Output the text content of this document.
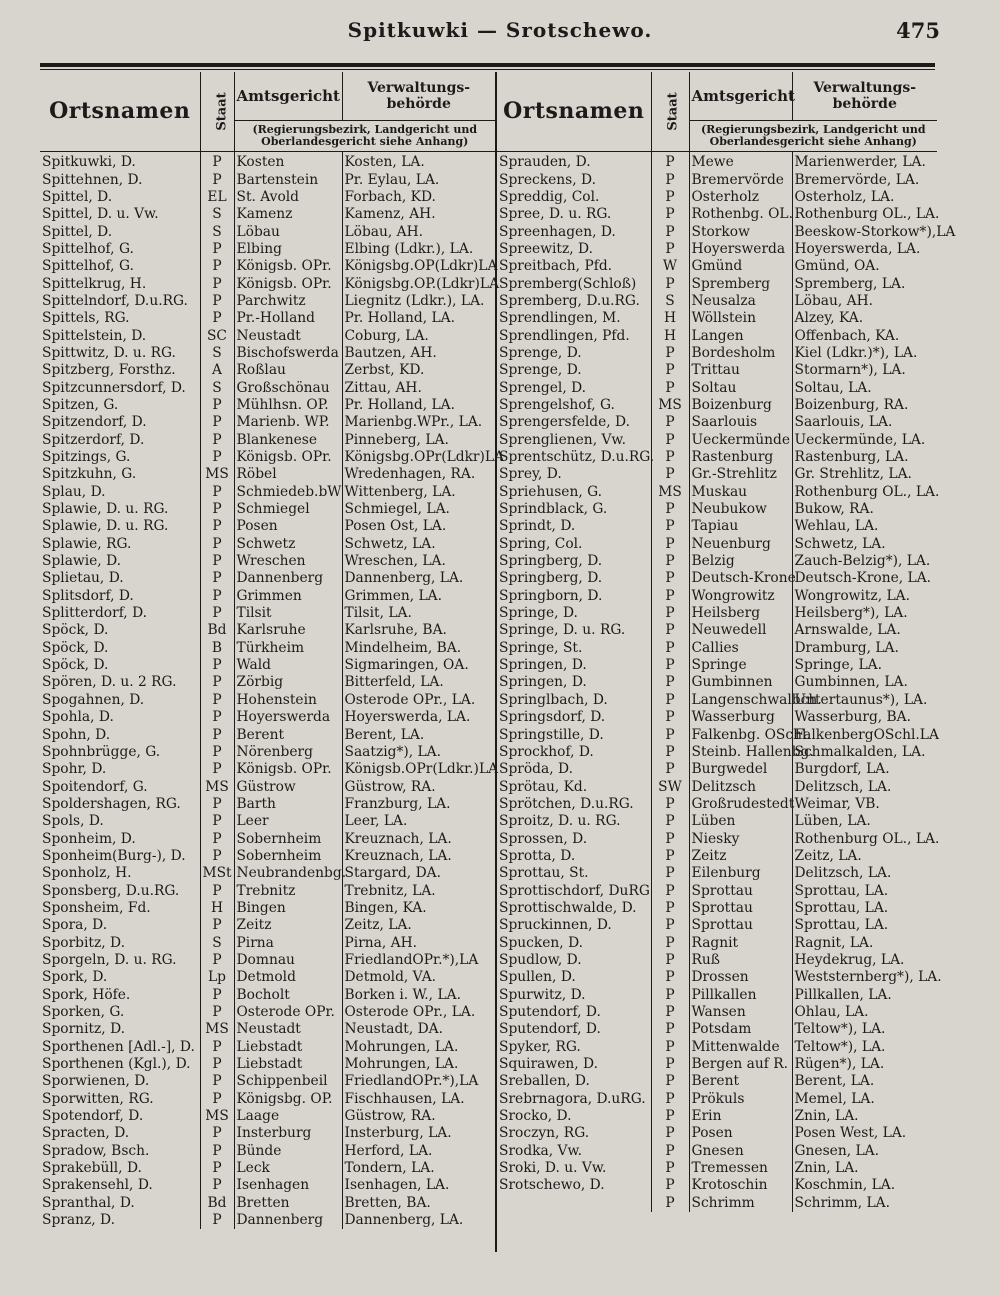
Spitkuwki — Srotschewo.	475
Ortsnamen	Staat	Amtsgericht	Verwaltungs-behörde
		(Regierungsbezirk, Landgericht und Oberlandesgericht siehe Anhang)	
Spitkuwki, D.	P	Kosten	Kosten, LA.
Spittehnen, D.	P	Bartenstein	Pr. Eylau, LA.
Spittel, D.	EL	St. Avold	Forbach, KD.
Spittel, D. u. Vw.	S	Kamenz	Kamenz, AH.
Spittel, D.	S	Löbau	Löbau, AH.
Spittelhof, G.	P	Elbing	Elbing (Ldkr.), LA.
Spittelhof, G.	P	Königsb. OPr.	Königsbg.OP(Ldkr)LA
Spittelkrug, H.	P	Königsb. OPr.	Königsbg.OP.(Ldkr)LA
Spittelndorf, D.u.RG.	P	Parchwitz	Liegnitz (Ldkr.), LA.
Spittels, RG.	P	Pr.-Holland	Pr. Holland, LA.
Spittelstein, D.	SC	Neustadt	Coburg, LA.
Spittwitz, D. u. RG.	S	Bischofswerda	Bautzen, AH.
Spitzberg, Forsthz.	A	Roßlau	Zerbst, KD.
Spitzcunnersdorf, D.	S	Großschönau	Zittau, AH.
Spitzen, G.	P	Mühlhsn. OP.	Pr. Holland, LA.
Spitzendorf, D.	P	Marienb. WP.	Marienbg.WPr., LA.
Spitzerdorf, D.	P	Blankenese	Pinneberg, LA.
Spitzings, G.	P	Königsb. OPr.	Königsbg.OPr(Ldkr)LA
Spitzkuhn, G.	MS	Röbel	Wredenhagen, RA.
Splau, D.	P	Schmiedeb.bW	Wittenberg, LA.
Splawie, D. u. RG.	P	Schmiegel	Schmiegel, LA.
Splawie, D. u. RG.	P	Posen	Posen Ost, LA.
Splawie, RG.	P	Schwetz	Schwetz, LA.
Splawie, D.	P	Wreschen	Wreschen, LA.
Splietau, D.	P	Dannenberg	Dannenberg, LA.
Splitsdorf, D.	P	Grimmen	Grimmen, LA.
Splitterdorf, D.	P	Tilsit	Tilsit, LA.
Spöck, D.	Bd	Karlsruhe	Karlsruhe, BA.
Spöck, D.	B	Türkheim	Mindelheim, BA.
Spöck, D.	P	Wald	Sigmaringen, OA.
Spören, D. u. 2 RG.	P	Zörbig	Bitterfeld, LA.
Spogahnen, D.	P	Hohenstein	Osterode OPr., LA.
Spohla, D.	P	Hoyerswerda	Hoyerswerda, LA.
Spohn, D.	P	Berent	Berent, LA.
Spohnbrügge, G.	P	Nörenberg	Saatzig*), LA.
Spohr, D.	P	Königsb. OPr.	Königsb.OPr(Ldkr.)LA
Spoitendorf, G.	MS	Güstrow	Güstrow, RA.
Spoldershagen, RG.	P	Barth	Franzburg, LA.
Spols, D.	P	Leer	Leer, LA.
Sponheim, D.	P	Sobernheim	Kreuznach, LA.
Sponheim(Burg-), D.	P	Sobernheim	Kreuznach, LA.
Sponholz, H.	MSt	Neubrandenbg.	Stargard, DA.
Sponsberg, D.u.RG.	P	Trebnitz	Trebnitz, LA.
Sponsheim, Fd.	H	Bingen	Bingen, KA.
Spora, D.	P	Zeitz	Zeitz, LA.
Sporbitz, D.	S	Pirna	Pirna, AH.
Sporgeln, D. u. RG.	P	Domnau	FriedlandOPr.*),LA
Spork, D.	Lp	Detmold	Detmold, VA.
Spork, Höfe.	P	Bocholt	Borken i. W., LA.
Sporken, G.	P	Osterode OPr.	Osterode OPr., LA.
Spornitz, D.	MS	Neustadt	Neustadt, DA.
Sporthenen [Adl.-], D.	P	Liebstadt	Mohrungen, LA.
Sporthenen (Kgl.), D.	P	Liebstadt	Mohrungen, LA.
Sporwienen, D.	P	Schippenbeil	FriedlandOPr.*),LA
Sporwitten, RG.	P	Königsbg. OP.	Fischhausen, LA.
Spotendorf, D.	MS	Laage	Güstrow, RA.
Spracten, D.	P	Insterburg	Insterburg, LA.
Spradow, Bsch.	P	Bünde	Herford, LA.
Sprakebüll, D.	P	Leck	Tondern, LA.
Sprakensehl, D.	P	Isenhagen	Isenhagen, LA.
Spranthal, D.	Bd	Bretten	Bretten, BA.
Spranz, D.	P	Dannenberg	Dannenberg, LA.
Ortsnamen	Staat	Amtsgericht	Verwaltungs-behörde
		(Regierungsbezirk, Landgericht und Oberlandesgericht siehe Anhang)	
Sprauden, D.	P	Mewe	Marienwerder, LA.
Spreckens, D.	P	Bremervörde	Bremervörde, LA.
Spreddig, Col.	P	Osterholz	Osterholz, LA.
Spree, D. u. RG.	P	Rothenbg. OL.	Rothenburg OL., LA.
Spreenhagen, D.	P	Storkow	Beeskow-Storkow*),LA
Spreewitz, D.	P	Hoyerswerda	Hoyerswerda, LA.
Spreitbach, Pfd.	W	Gmünd	Gmünd, OA.
Spremberg(Schloß)	P	Spremberg	Spremberg, LA.
Spremberg, D.u.RG.	S	Neusalza	Löbau, AH.
Sprendlingen, M.	H	Wöllstein	Alzey, KA.
Sprendlingen, Pfd.	H	Langen	Offenbach, KA.
Sprenge, D.	P	Bordesholm	Kiel (Ldkr.)*), LA.
Sprenge, D.	P	Trittau	Stormarn*), LA.
Sprengel, D.	P	Soltau	Soltau, LA.
Sprengelshof, G.	MS	Boizenburg	Boizenburg, RA.
Sprengersfelde, D.	P	Saarlouis	Saarlouis, LA.
Sprenglienen, Vw.	P	Ueckermünde	Ueckermünde, LA.
Sprentschütz, D.u.RG.	P	Rastenburg	Rastenburg, LA.
Sprey, D.	P	Gr.-Strehlitz	Gr. Strehlitz, LA.
Spriehusen, G.	MS	Muskau	Rothenburg OL., LA.
Sprindblack, G.	P	Neubukow	Bukow, RA.
Sprindt, D.	P	Tapiau	Wehlau, LA.
Spring, Col.	P	Neuenburg	Schwetz, LA.
Springberg, D.	P	Belzig	Zauch-Belzig*), LA.
Springberg, D.	P	Deutsch-Krone	Deutsch-Krone, LA.
Springborn, D.	P	Wongrowitz	Wongrowitz, LA.
Springe, D.	P	Heilsberg	Heilsberg*), LA.
Springe, D. u. RG.	P	Neuwedell	Arnswalde, LA.
Springe, St.	P	Callies	Dramburg, LA.
Springen, D.	P	Springe	Springe, LA.
Springen, D.	P	Gumbinnen	Gumbinnen, LA.
Springlbach, D.	P	Langenschwalbch.	Untertaunus*), LA.
Springsdorf, D.	P	Wasserburg	Wasserburg, BA.
Springstille, D.	P	Falkenbg. OSchl.	FalkenbergOSchl.LA
Sprockhof, D.	P	Steinb. Hallenbg.	Schmalkalden, LA.
Spröda, D.	P	Burgwedel	Burgdorf, LA.
Sprötau, Kd.	SW	Delitzsch	Delitzsch, LA.
Sprötchen, D.u.RG.	P	Großrudestedt	Weimar, VB.
Sproitz, D. u. RG.	P	Lüben	Lüben, LA.
Sprossen, D.	P	Niesky	Rothenburg OL., LA.
Sprotta, D.	P	Zeitz	Zeitz, LA.
Sprottau, St.	P	Eilenburg	Delitzsch, LA.
Sprottischdorf, DuRG	P	Sprottau	Sprottau, LA.
Sprottischwalde, D.	P	Sprottau	Sprottau, LA.
Spruckinnen, D.	P	Sprottau	Sprottau, LA.
Spucken, D.	P	Ragnit	Ragnit, LA.
Spudlow, D.	P	Ruß	Heydekrug, LA.
Spullen, D.	P	Drossen	Weststernberg*), LA.
Spurwitz, D.	P	Pillkallen	Pillkallen, LA.
Sputendorf, D.	P	Wansen	Ohlau, LA.
Sputendorf, D.	P	Potsdam	Teltow*), LA.
Spyker, RG.	P	Mittenwalde	Teltow*), LA.
Squirawen, D.	P	Bergen auf R.	Rügen*), LA.
Sreballen, D.	P	Berent	Berent, LA.
Srebrnagora, D.uRG.	P	Prökuls	Memel, LA.
Srocko, D.	P	Erin	Znin, LA.
Sroczyn, RG.	P	Posen	Posen West, LA.
Srodka, Vw.	P	Gnesen	Gnesen, LA.
Sroki, D. u. Vw.	P	Tremessen	Znin, LA.
Srotschewo, D.	P	Krotoschin	Koschmin, LA.
	P	Schrimm	Schrimm, LA.
